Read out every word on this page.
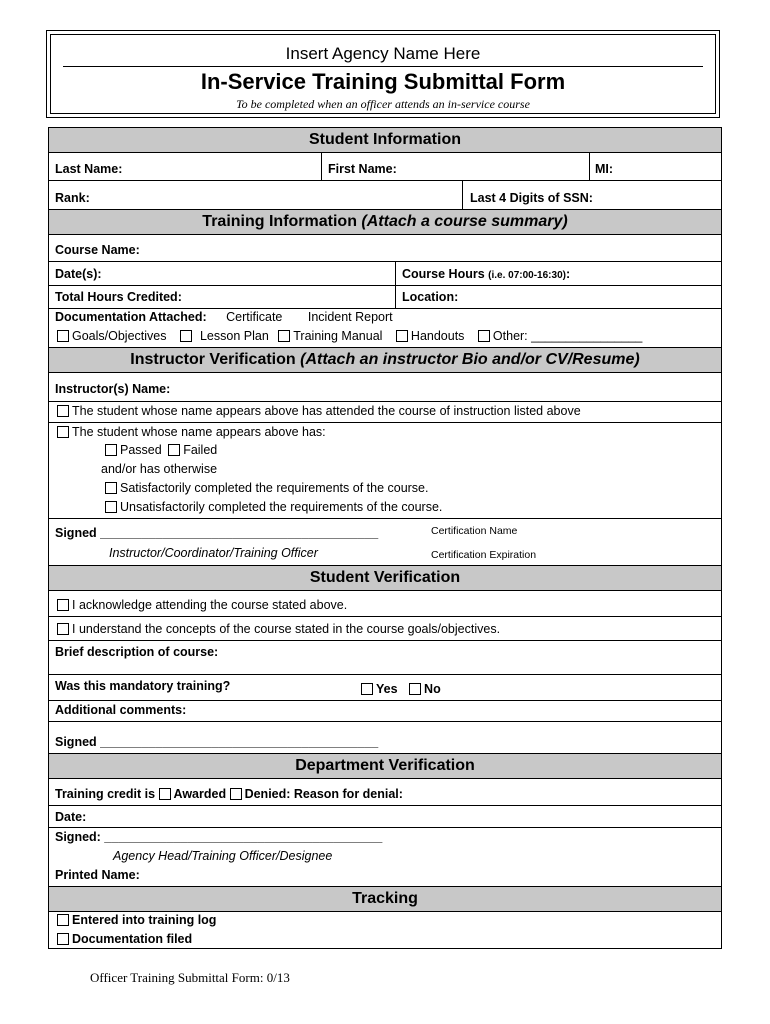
Insert Agency Name Here
In-Service Training Submittal Form
To be completed when an officer attends an in-service course
Student Information
Last Name:	First Name:	MI:
Rank:	Last 4 Digits of SSN:
Training Information (Attach a course summary)
Course Name:
Date(s):	Course Hours (i.e. 07:00-16:30):
Total Hours Credited:	Location:
Documentation Attached: Certificate Incident Report
Goals/Objectives	Lesson Plan Training Manual Handouts Other: ________________
Instructor Verification (Attach an instructor Bio and/or CV/Resume)
Instructor(s) Name:
The student whose name appears above has attended the course of instruction listed above
The student whose name appears above has:
Passed Failed
and/or has otherwise
Satisfactorily completed the requirements of the course.
Unsatisfactorily completed the requirements of the course.
Signed ________________________________________	Certification Name
Instructor/Coordinator/Training Officer	Certification Expiration
Student Verification
I acknowledge attending the course stated above.
I understand the concepts of the course stated in the course goals/objectives.
Brief description of course:
Was this mandatory training?	Yes No
Additional comments:
Signed ________________________________________
Department Verification
Training credit is Awarded Denied: Reason for denial:
Date:
Signed: ________________________________________
Agency Head/Training Officer/Designee
Printed Name:
Tracking
Entered into training log
Documentation filed
Officer Training Submittal Form: 0/13
